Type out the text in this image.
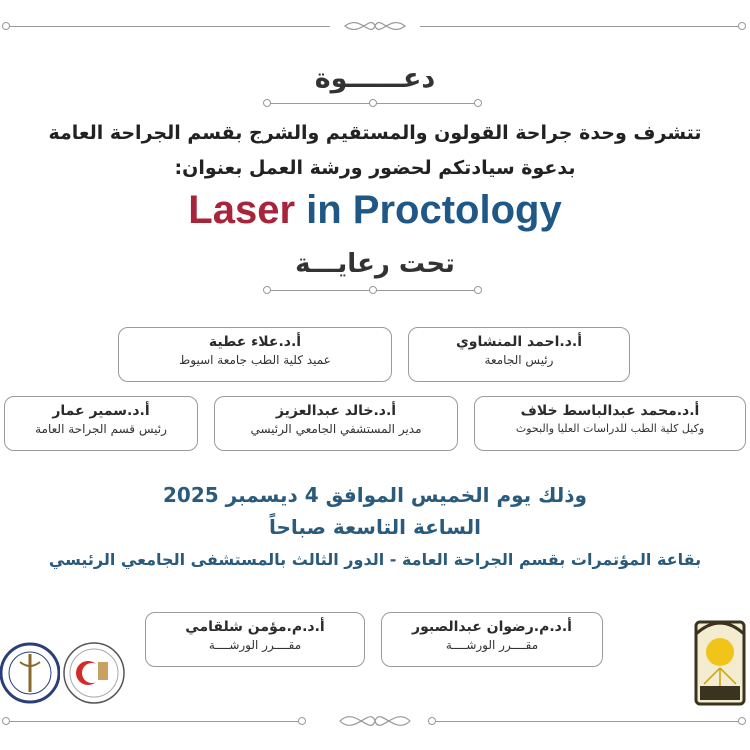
دعــــــوة
تتشرف وحدة جراحة القولون والمستقيم والشرج بقسم الجراحة العامة
بدعوة سيادتكم لحضور ورشة العمل بعنوان:
Laser in Proctology
تحت رعايـــة
أ.د.احمد المنشاوي
رئيس الجامعة
أ.د.علاء عطية
عميد كلية الطب جامعة اسيوط
أ.د.محمد عبدالباسط خلاف
وكيل كلية الطب للدراسات العليا والبحوث
أ.د.خالد عبدالعزيز
مدير المستشفي الجامعي الرئيسي
أ.د.سمير عمار
رئيس قسم الجراحة العامة
وذلك يوم الخميس الموافق 4 ديسمبر 2025
الساعة التاسعة صباحاً
بقاعة المؤتمرات بقسم الجراحة العامة - الدور الثالث بالمستشفى الجامعي الرئيسي
أ.د.م.رضوان عبدالصبور
مقــــرر الورشــــة
أ.د.م.مؤمن شلقامي
مقــــرر الورشــــة
